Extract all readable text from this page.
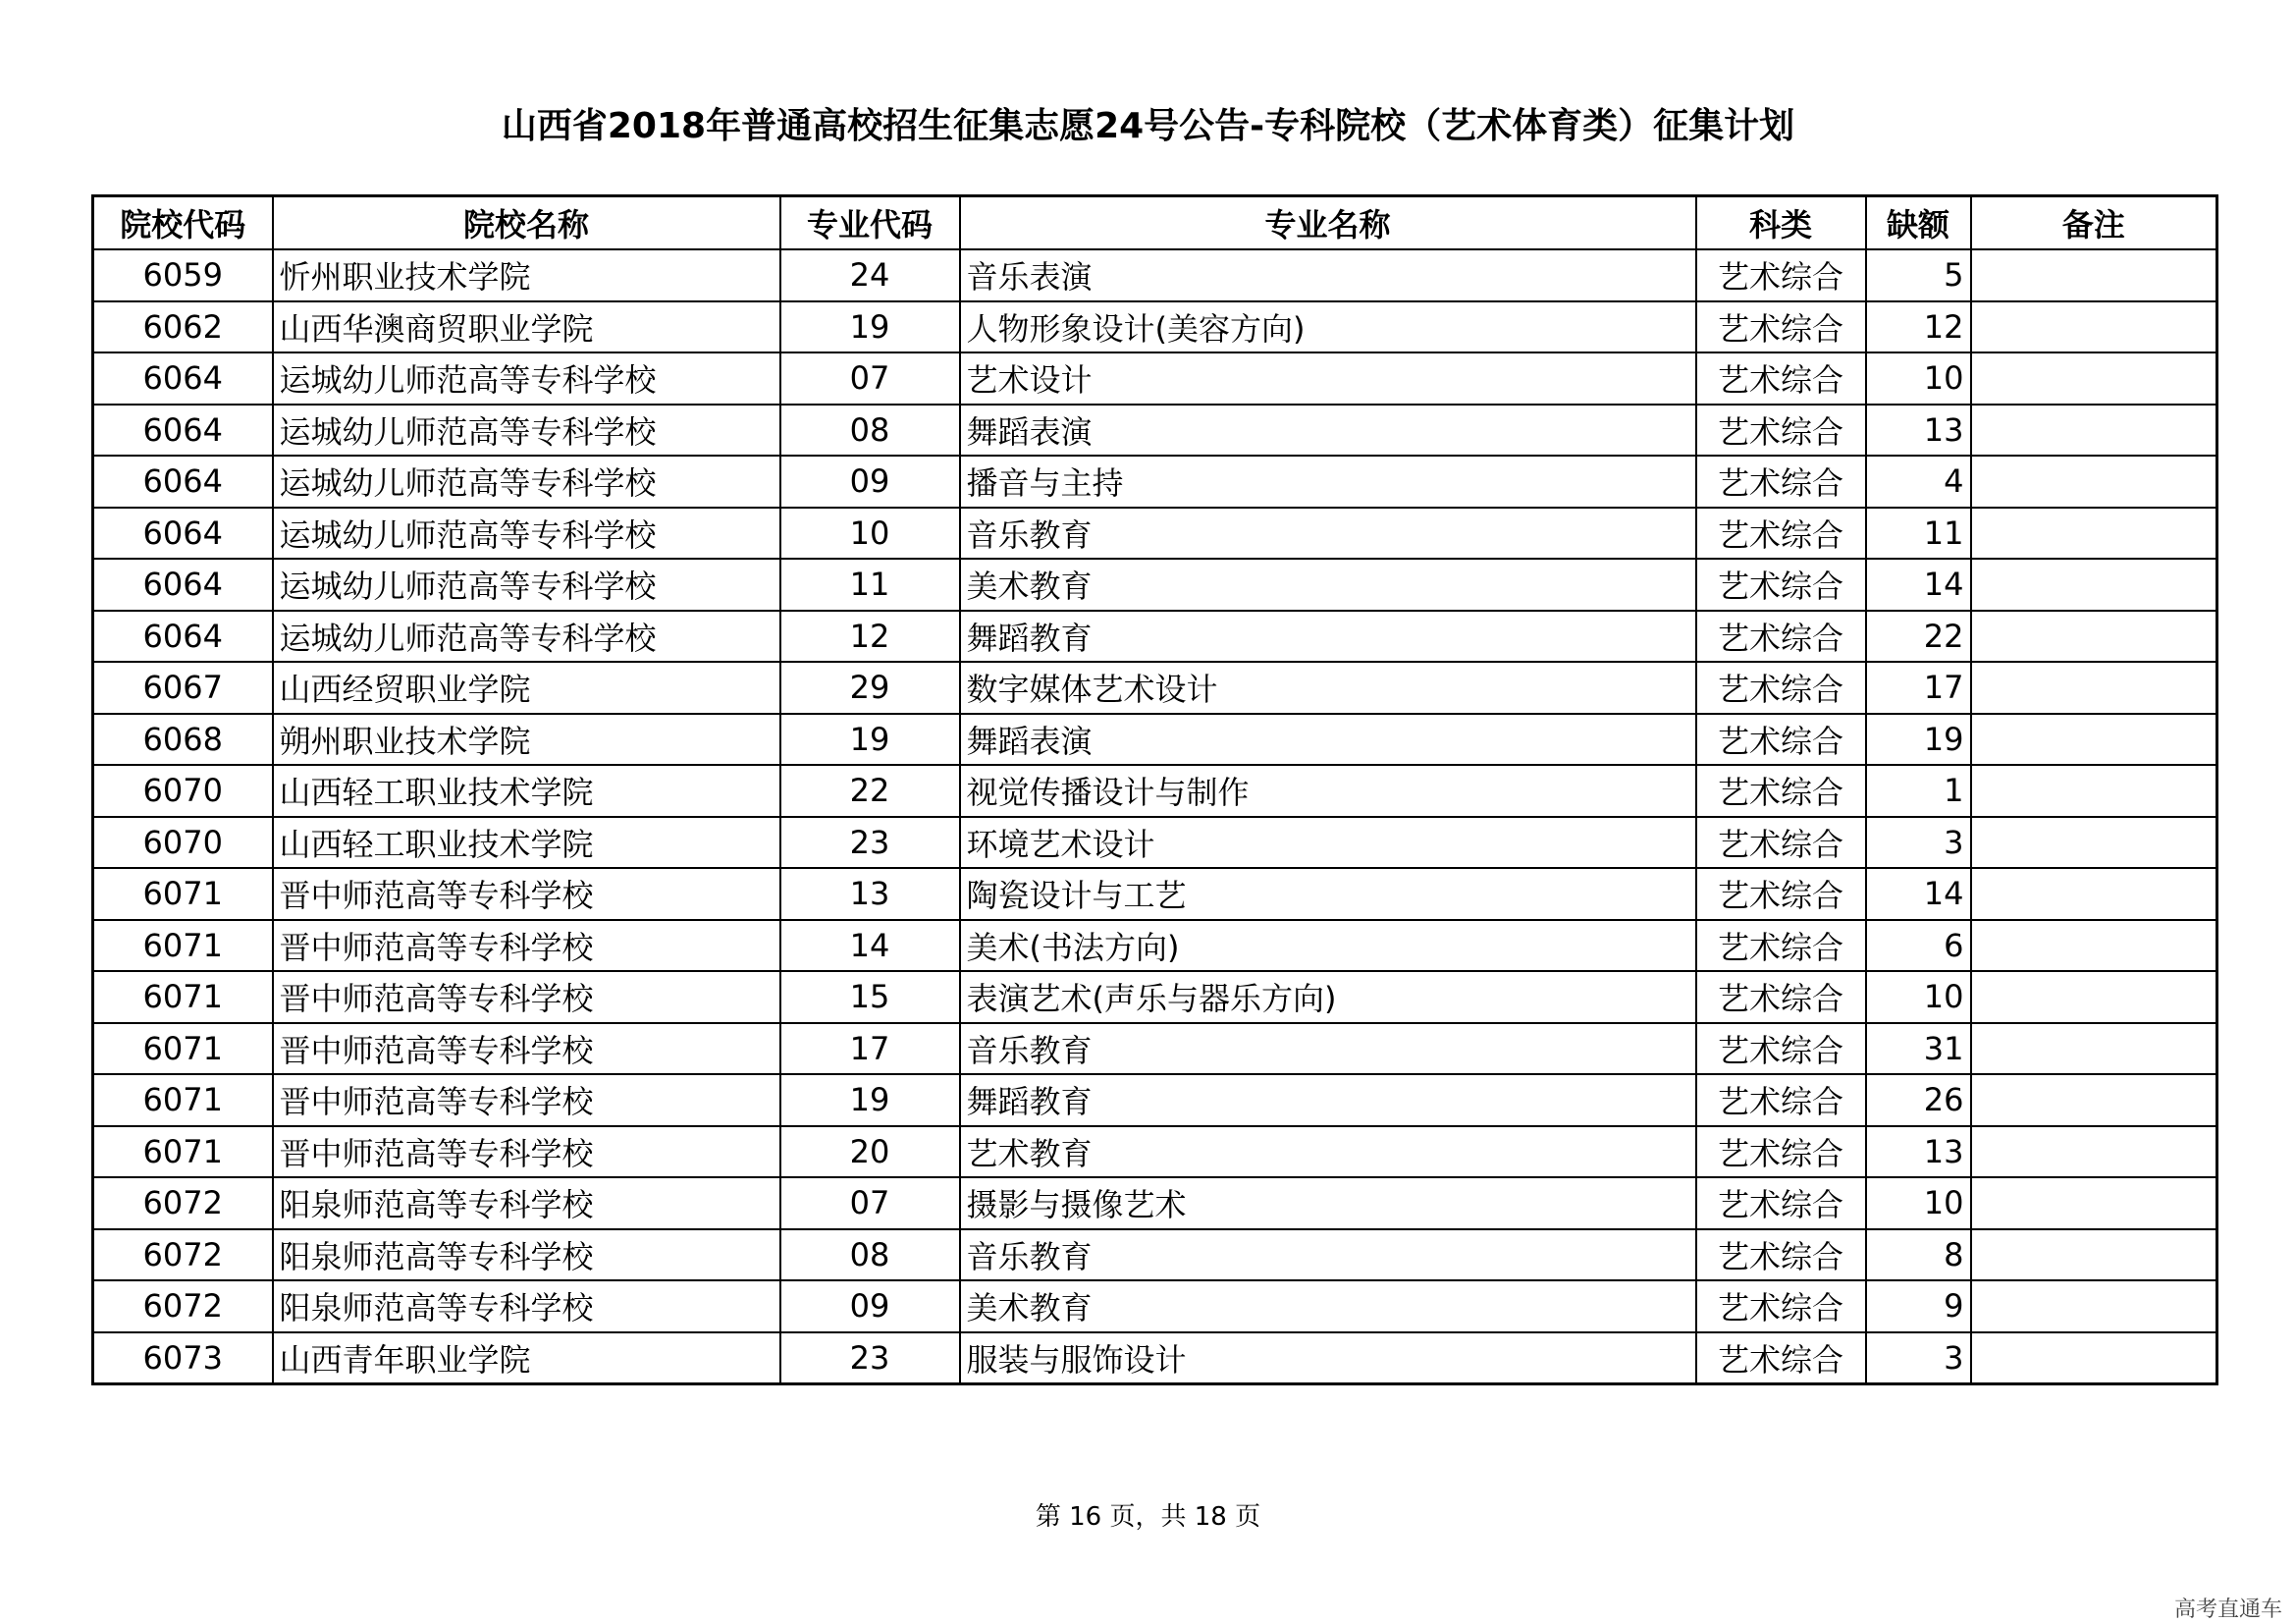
山西省2018年普通高校招生征集志愿24号公告-专科院校（艺术体育类）征集计划
院校代码	院校名称	专业代码	专业名称	科类	缺额	备注
6059	忻州职业技术学院	24	音乐表演	艺术综合	5	
6062	山西华澳商贸职业学院	19	人物形象设计(美容方向)	艺术综合	12	
6064	运城幼儿师范高等专科学校	07	艺术设计	艺术综合	10	
6064	运城幼儿师范高等专科学校	08	舞蹈表演	艺术综合	13	
6064	运城幼儿师范高等专科学校	09	播音与主持	艺术综合	4	
6064	运城幼儿师范高等专科学校	10	音乐教育	艺术综合	11	
6064	运城幼儿师范高等专科学校	11	美术教育	艺术综合	14	
6064	运城幼儿师范高等专科学校	12	舞蹈教育	艺术综合	22	
6067	山西经贸职业学院	29	数字媒体艺术设计	艺术综合	17	
6068	朔州职业技术学院	19	舞蹈表演	艺术综合	19	
6070	山西轻工职业技术学院	22	视觉传播设计与制作	艺术综合	1	
6070	山西轻工职业技术学院	23	环境艺术设计	艺术综合	3	
6071	晋中师范高等专科学校	13	陶瓷设计与工艺	艺术综合	14	
6071	晋中师范高等专科学校	14	美术(书法方向)	艺术综合	6	
6071	晋中师范高等专科学校	15	表演艺术(声乐与器乐方向)	艺术综合	10	
6071	晋中师范高等专科学校	17	音乐教育	艺术综合	31	
6071	晋中师范高等专科学校	19	舞蹈教育	艺术综合	26	
6071	晋中师范高等专科学校	20	艺术教育	艺术综合	13	
6072	阳泉师范高等专科学校	07	摄影与摄像艺术	艺术综合	10	
6072	阳泉师范高等专科学校	08	音乐教育	艺术综合	8	
6072	阳泉师范高等专科学校	09	美术教育	艺术综合	9	
6073	山西青年职业学院	23	服装与服饰设计	艺术综合	3	
第 16 页，共 18 页
高考直通车
